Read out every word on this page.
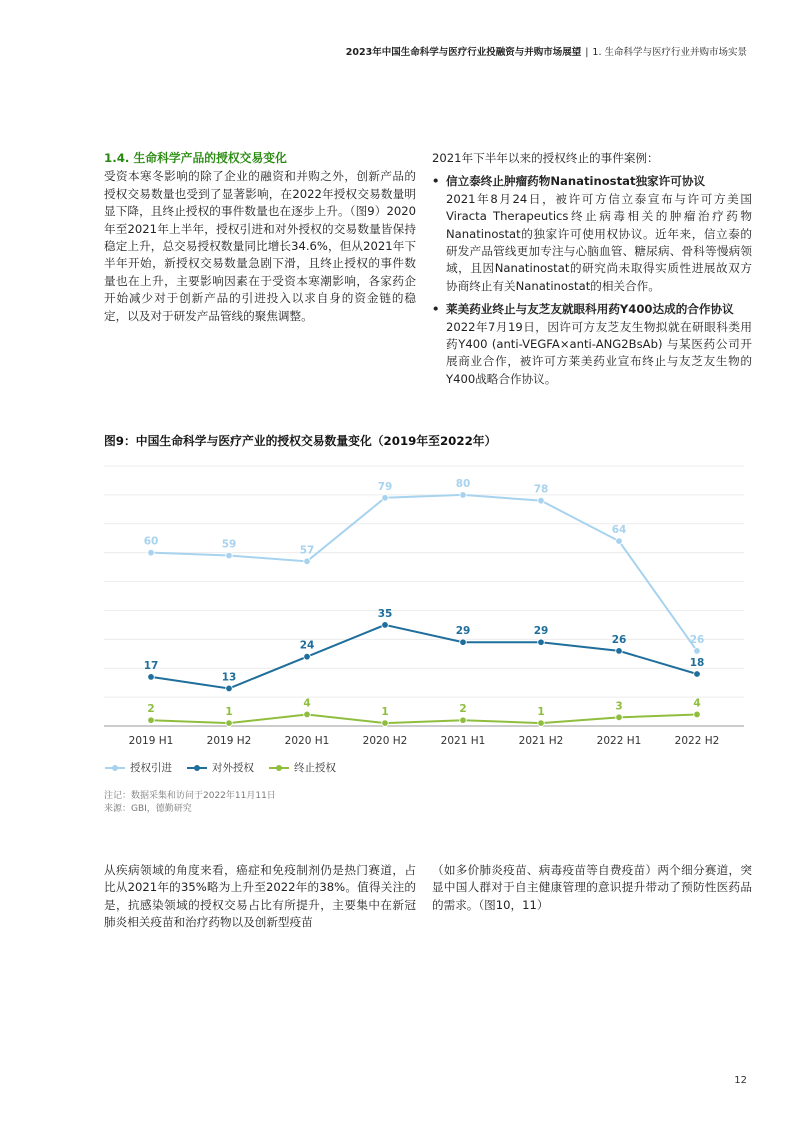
2023年中国生命科学与医疗行业投融资与并购市场展望 | 1. 生命科学与医疗行业并购市场实景
1.4. 生命科学产品的授权交易变化
受资本寒冬影响的除了企业的融资和并购之外，创新产品的授权交易数量也受到了显著影响，在2022年授权交易数量明显下降，且终止授权的事件数量也在逐步上升。（图9）2020年至2021年上半年，授权引进和对外授权的交易数量皆保持稳定上升，总交易授权数量同比增长34.6%，但从2021年下半年开始，新授权交易数量急剧下滑，且终止授权的事件数量也在上升，主要影响因素在于受资本寒潮影响，各家药企开始减少对于创新产品的引进投入以求自身的资金链的稳定，以及对于研发产品管线的聚焦调整。
2021年下半年以来的授权终止的事件案例：
• 信立泰终止肿瘤药物Nanatinostat独家许可协议
2021年8月24日，被许可方信立泰宣布与许可方美国Viracta Therapeutics终止病毒相关的肿瘤治疗药物Nanatinostat的独家许可使用权协议。近年来，信立泰的研发产品管线更加专注与心脑血管、糖尿病、骨科等慢病领域，且因Nanatinostat的研究尚未取得实质性进展故双方协商终止有关Nanatinostat的相关合作。
• 莱美药业终止与友芝友就眼科用药Y400达成的合作协议
2022年7月19日，因许可方友芝友生物拟就在研眼科类用药Y400 (anti-VEGFA×anti-ANG2BsAb) 与某医药公司开展商业合作，被许可方莱美药业宣布终止与友芝友生物的Y400战略合作协议。
图9：中国生命科学与医疗产业的授权交易数量变化（2019年至2022年）
2019 H1	2019 H2	2020 H1	2020 H2	2021 H1	2021 H2	2022 H1	2022 H2
60	59	57
79	80	78
64
26
17
13
24
35
29	29
26
18
2	1
4
1	2	1	3	4
授权引进	对外授权	终止授权
注记：数据采集和访问于2022年11月11日
来源：GBI，德勤研究
从疾病领域的角度来看，癌症和免疫制剂仍是热门赛道，占比从2021年的35%略为上升至2022年的38%。值得关注的是，抗感染领域的授权交易占比有所提升，主要集中在新冠肺炎相关疫苗和治疗药物以及创新型疫苗
（如多价肺炎疫苗、病毒疫苗等自费疫苗）两个细分赛道，突显中国人群对于自主健康管理的意识提升带动了预防性医药品的需求。（图10，11）
12
